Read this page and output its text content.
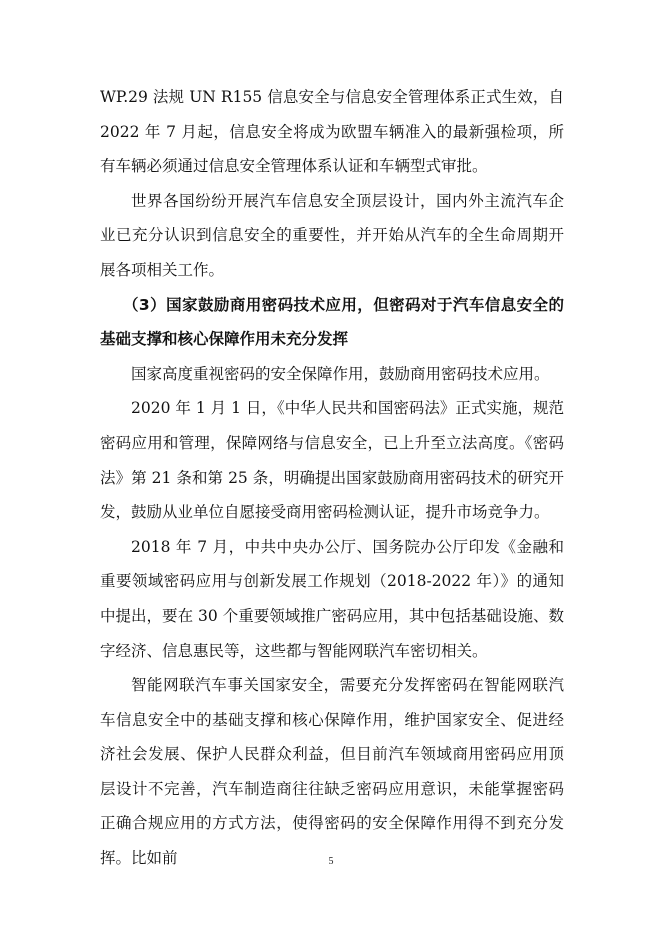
WP.29 法规 UN R155 信息安全与信息安全管理体系正式生效，自 2022 年 7 月起，信息安全将成为欧盟车辆准入的最新强检项，所有车辆必须通过信息安全管理体系认证和车辆型式审批。

世界各国纷纷开展汽车信息安全顶层设计，国内外主流汽车企业已充分认识到信息安全的重要性，并开始从汽车的全生命周期开展各项相关工作。

（3）国家鼓励商用密码技术应用，但密码对于汽车信息安全的基础支撑和核心保障作用未充分发挥

国家高度重视密码的安全保障作用，鼓励商用密码技术应用。

2020 年 1 月 1 日，《中华人民共和国密码法》正式实施，规范密码应用和管理，保障网络与信息安全，已上升至立法高度。《密码法》第 21 条和第 25 条，明确提出国家鼓励商用密码技术的研究开发，鼓励从业单位自愿接受商用密码检测认证，提升市场竞争力。

2018 年 7 月，中共中央办公厅、国务院办公厅印发《金融和重要领域密码应用与创新发展工作规划（2018-2022 年）》的通知中提出，要在 30 个重要领域推广密码应用，其中包括基础设施、数字经济、信息惠民等，这些都与智能网联汽车密切相关。

智能网联汽车事关国家安全，需要充分发挥密码在智能网联汽车信息安全中的基础支撑和核心保障作用，维护国家安全、促进经济社会发展、保护人民群众利益，但目前汽车领域商用密码应用顶层设计不完善，汽车制造商往往缺乏密码应用意识，未能掌握密码正确合规应用的方式方法，使得密码的安全保障作用得不到充分发挥。比如前	5
